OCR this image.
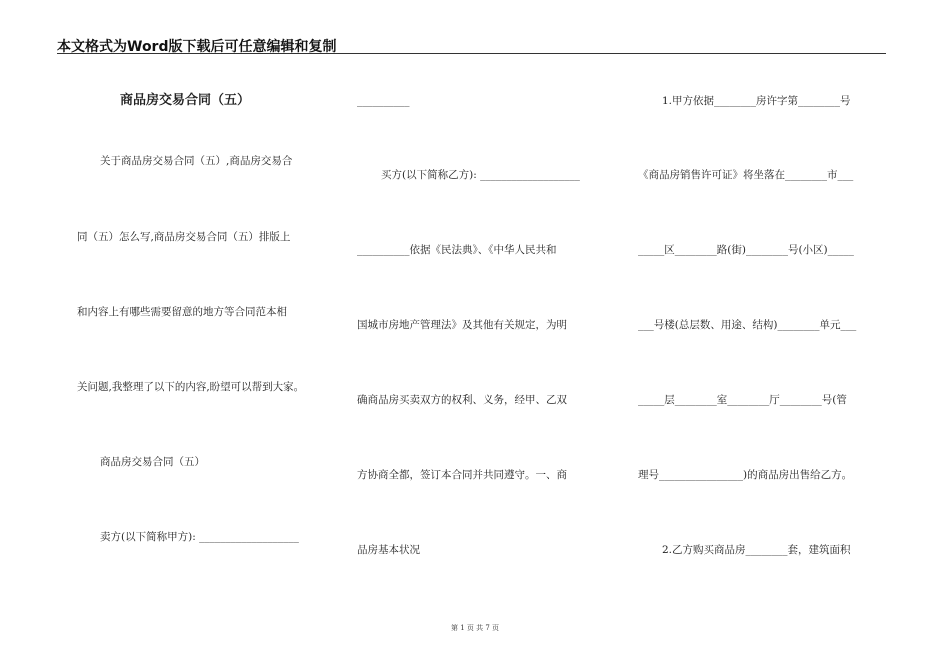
本文格式为Word版下载后可任意编辑和复制
商品房交易合同（五）
关于商品房交易合同（五）,商品房交易合
同（五）怎么写,商品房交易合同（五）排版上
和内容上有哪些需要留意的地方等合同范本相
关问题,我整理了以下的内容,盼望可以帮到大家。
商品房交易合同（五）
卖方(以下简称甲方): ___________________
__________
买方(以下简称乙方): ___________________
__________依据《民法典》、《中华人民共和
国城市房地产管理法》及其他有关规定，为明
确商品房买卖双方的权利、义务，经甲、乙双
方协商全都，签订本合同并共同遵守。一、商
品房基本状况
1.甲方依据________房许字第________号
《商品房销售许可证》将坐落在________市___
_____区________路(街)________号(小区)_____
___号楼(总层数、用途、结构)________单元___
_____层________室________厅________号(管
理号________________)的商品房出售给乙方。
2.乙方购买商品房________套，建筑面积
第 1 页 共 7 页
